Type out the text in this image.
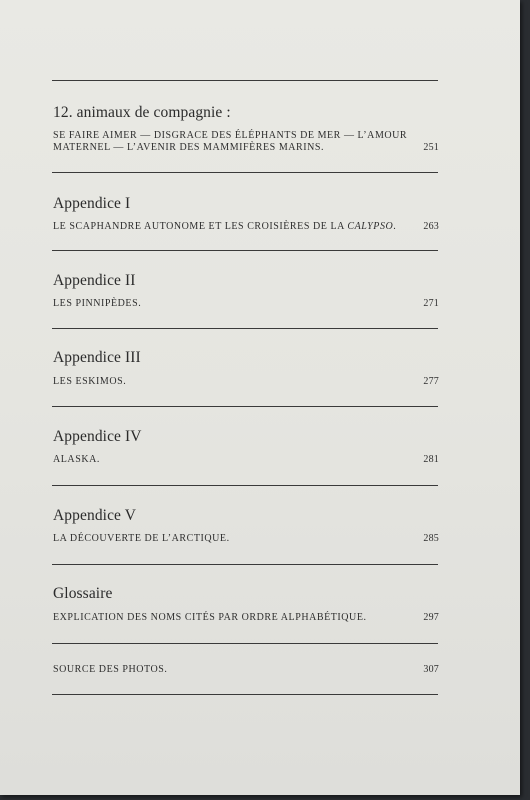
12. animaux de compagnie :
SE FAIRE AIMER — DISGRACE DES ÉLÉPHANTS DE MER — L’AMOUR
MATERNEL — L’AVENIR DES MAMMIFÈRES MARINS.	251
Appendice I
LE SCAPHANDRE AUTONOME ET LES CROISIÈRES DE LA CALYPSO.	263
Appendice II
LES PINNIPÈDES.	271
Appendice III
LES ESKIMOS.	277
Appendice IV
ALASKA.	281
Appendice V
LA DÉCOUVERTE DE L’ARCTIQUE.	285
Glossaire
EXPLICATION DES NOMS CITÉS PAR ORDRE ALPHABÉTIQUE.	297
SOURCE DES PHOTOS.	307
